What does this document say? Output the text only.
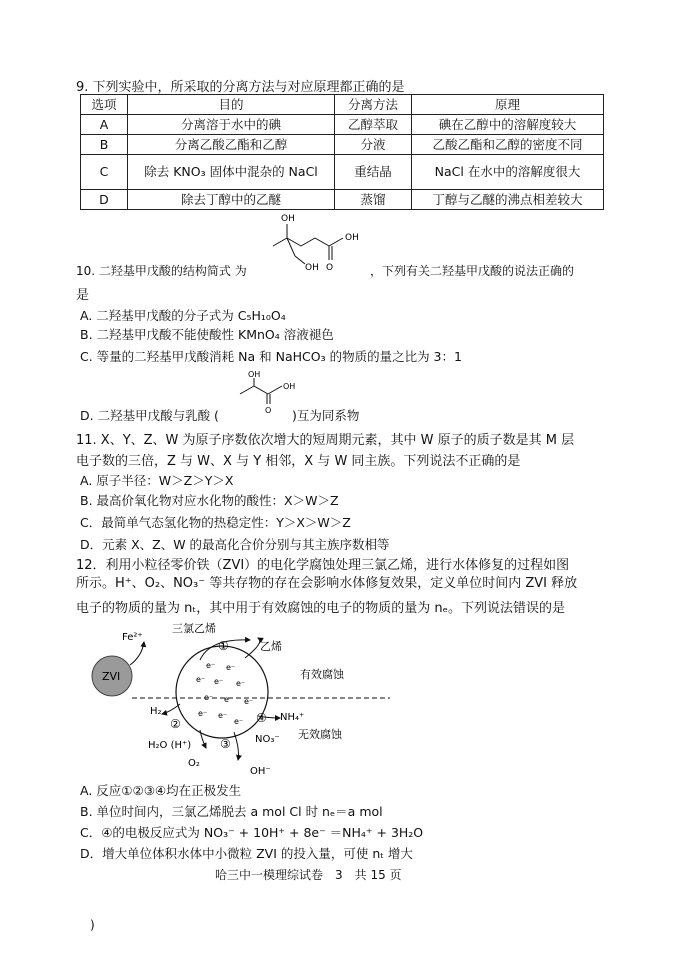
9. 下列实验中，所采取的分离方法与对应原理都正确的是
选项	目的	分离方法	原理
A	分离溶于水中的碘	乙醇萃取	碘在乙醇中的溶解度较大
B	分离乙酸乙酯和乙醇	分液	乙酸乙酯和乙醇的密度不同
C	除去 KNO₃ 固体中混杂的 NaCl	重结晶	NaCl 在水中的溶解度很大
D	除去丁醇中的乙醚	蒸馏	丁醇与乙醚的沸点相差较大
OH
OH
OH O
10. 二羟基甲戊酸的结构简式 为	，下列有关二羟基甲戊酸的说法正确的
是
A. 二羟基甲戊酸的分子式为 C₅H₁₀O₄
B. 二羟基甲戊酸不能使酸性 KMnO₄ 溶液褪色
C. 等量的二羟基甲戊酸消耗 Na 和 NaHCO₃ 的物质的量之比为 3：1
OH
OH
O
D. 二羟基甲戊酸与乳酸 (	)互为同系物
11. X、Y、Z、W 为原子序数依次增大的短周期元素，其中 W 原子的质子数是其 M 层
电子数的三倍，Z 与 W、X 与 Y 相邻，X 与 W 同主族。下列说法不正确的是
A. 原子半径：W＞Z＞Y＞X
B. 最高价氧化物对应水化物的酸性：X＞W＞Z
C．最简单气态氢化物的热稳定性：Y＞X＞W＞Z
D．元素 X、Z、W 的最高化合价分别与其主族序数相等
12．利用小粒径零价铁（ZVI）的电化学腐蚀处理三氯乙烯，进行水体修复的过程如图
所示。H⁺、O₂、NO₃⁻ 等共存物的存在会影响水体修复效果，定义单位时间内 ZVI 释放
电子的物质的量为 nₜ，其中用于有效腐蚀的电子的物质的量为 nₑ。下列说法错误的是
Fe²⁺
ZVI
三氯乙烯
①	乙烯
有效腐蚀
H₂
②	④ NH₄⁺
NO₃⁻ 无效腐蚀
H₂O (H⁺) ③
O₂
OH⁻
e⁻ e⁻
e⁻ e⁻ e⁻
e⁻ e⁻ e⁻
e⁻ e⁻
e⁻
A. 反应①②③④均在正极发生
B. 单位时间内，三氯乙烯脱去 a mol Cl 时 nₑ＝a mol
C．④的电极反应式为 NO₃⁻ + 10H⁺ + 8e⁻ ＝NH₄⁺ + 3H₂O
D．增大单位体积水体中小微粒 ZVI 的投入量，可使 nₜ 增大
哈三中一模理综试卷　3　共 15 页
)
